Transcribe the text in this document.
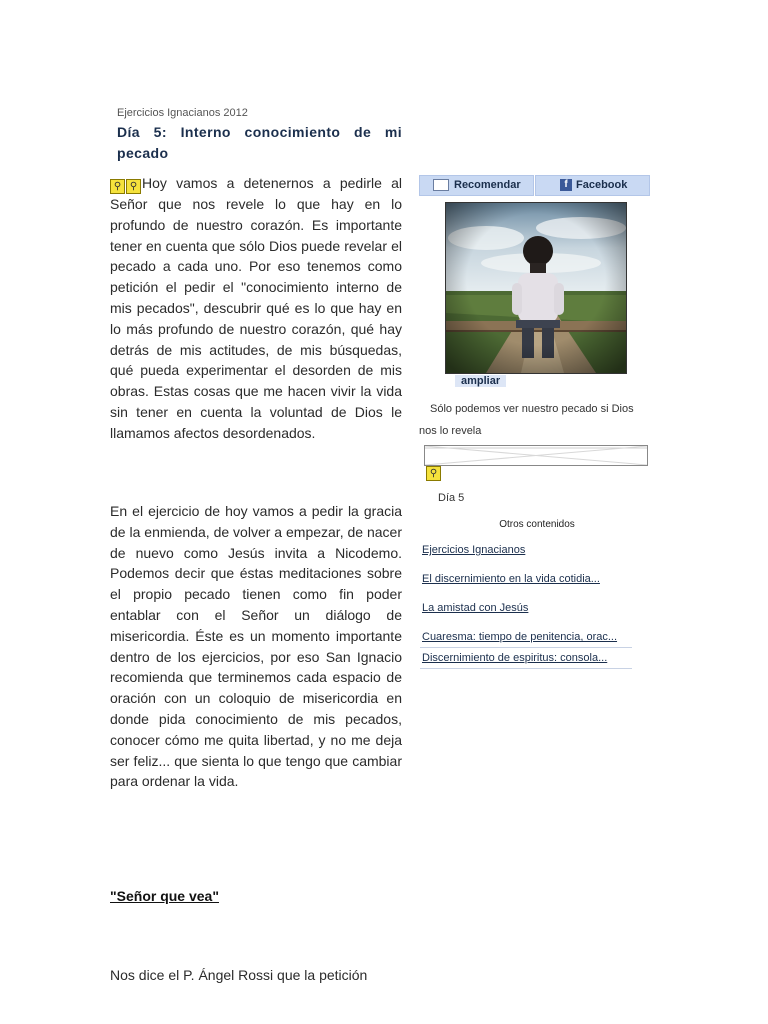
Ejercicios Ignacianos 2012
Día 5: Interno conocimiento de mi pecado
⚲ ⚲ Hoy vamos a detenernos a pedirle al Señor que nos revele lo que hay en lo profundo de nuestro corazón. Es importante tener en cuenta que sólo Dios puede revelar el pecado a cada uno. Por eso tenemos como petición el pedir el "conocimiento interno de mis pecados", descubrir qué es lo que hay en lo más profundo de nuestro corazón, qué hay detrás de mis actitudes, de mis búsquedas, qué pueda experimentar el desorden de mis obras. Estas cosas que me hacen vivir la vida sin tener en cuenta la voluntad de Dios le llamamos afectos desordenados.
En el ejercicio de hoy vamos a pedir la gracia de la enmienda, de volver a empezar, de nacer de nuevo como Jesús invita a Nicodemo. Podemos decir que éstas meditaciones sobre el propio pecado tienen como fin poder entablar con el Señor un diálogo de misericordia. Éste es un momento importante dentro de los ejercicios, por eso San Ignacio recomienda que terminemos cada espacio de oración con un coloquio de misericordia en donde pida conocimiento de mis pecados, conocer cómo me quita libertad, y no me deja ser feliz... que sienta lo que tengo que cambiar para ordenar la vida.
"Señor que vea"
Nos dice el P. Ángel Rossi que la petición
Recomendar	f Facebook
ampliar
Sólo podemos ver nuestro pecado si Dios
nos lo revela
⚲
Día 5
Otros contenidos
Ejercicios Ignacianos
El discernimiento en la vida cotidia...
La amistad con Jesús
Cuaresma: tiempo de penitencia, orac...
Discernimiento de espiritus: consola...
